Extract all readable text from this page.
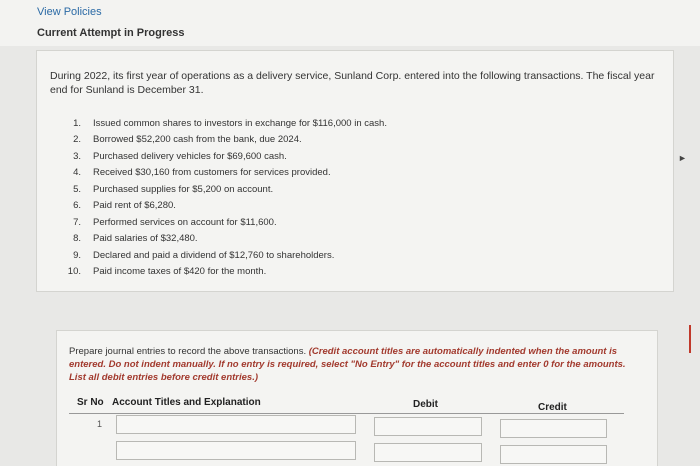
View Policies
Current Attempt in Progress
During 2022, its first year of operations as a delivery service, Sunland Corp. entered into the following transactions. The fiscal year end for Sunland is December 31.
1.	Issued common shares to investors in exchange for $116,000 in cash.
2.	Borrowed $52,200 cash from the bank, due 2024.
3.	Purchased delivery vehicles for $69,600 cash.
4.	Received $30,160 from customers for services provided.
5.	Purchased supplies for $5,200 on account.
6.	Paid rent of $6,280.
7.	Performed services on account for $11,600.
8.	Paid salaries of $32,480.
9.	Declared and paid a dividend of $12,760 to shareholders.
10.	Paid income taxes of $420 for the month.
►
Prepare journal entries to record the above transactions. (Credit account titles are automatically indented when the amount is entered. Do not indent manually. If no entry is required, select "No Entry" for the account titles and enter 0 for the amounts. List all debit entries before credit entries.)
Sr No Account Titles and Explanation	Debit	Credit
1
